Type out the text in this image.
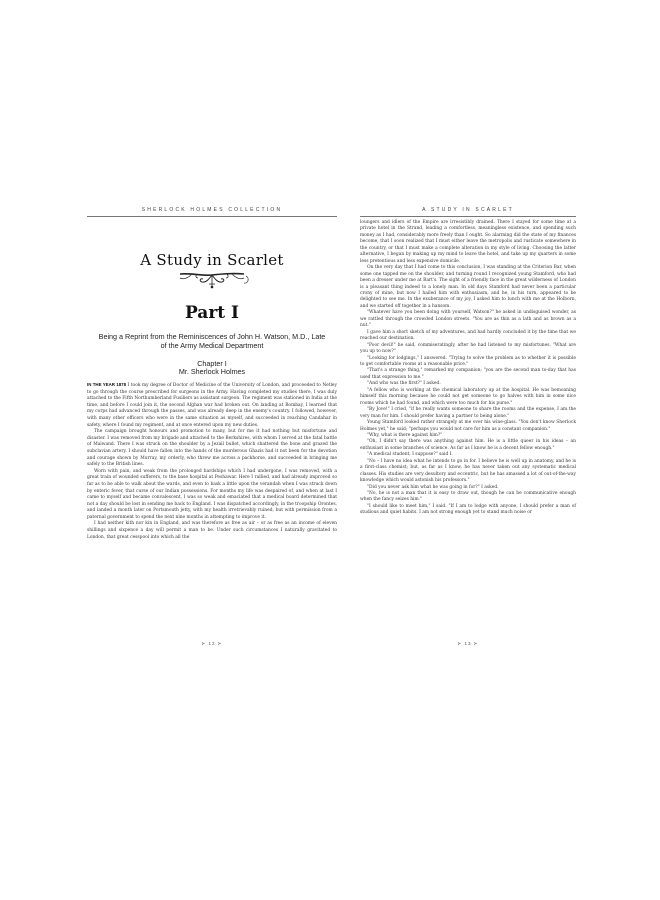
SHERLOCK HOLMES COLLECTION
A Study in Scarlet
Part I
Being a Reprint from the Reminiscences of John H. Watson, M.D., Late of the Army Medical Department
Chapter I
Mr. Sherlock Holmes

IN THE YEAR 1878 I took my degree of Doctor of Medicine of the University of London, and proceeded to Netley to go through the course prescribed for surgeons in the Army. Having completed my studies there, I was duly attached to the Fifth Northumberland Fusiliers as assistant surgeon. The regiment was stationed in India at the time, and before I could join it, the second Afghan war had broken out. On landing at Bombay, I learned that my corps had advanced through the passes, and was already deep in the enemy's country. I followed, however, with many other officers who were in the same situation as myself, and succeeded in reaching Candahar in safety, where I found my regiment, and at once entered upon my new duties.

The campaign brought honours and promotion to many, but for me it had nothing but misfortune and disaster. I was removed from my brigade and attached to the Berkshires, with whom I served at the fatal battle of Maiwand. There I was struck on the shoulder by a Jezail bullet, which shattered the bone and grazed the subclavian artery. I should have fallen into the hands of the murderous Ghazis had it not been for the devotion and courage shown by Murray, my orderly, who threw me across a packhorse, and succeeded in bringing me safely to the British lines.

Worn with pain, and weak from the prolonged hardships which I had undergone, I was removed, with a great train of wounded sufferers, to the base hospital at Peshawar. Here I rallied, and had already improved so far as to be able to walk about the wards, and even to bask a little upon the verandah when I was struck down by enteric fever, that curse of our Indian possessions. For months my life was despaired of, and when at last I came to myself and became convalescent, I was so weak and emaciated that a medical board determined that not a day should be lost in sending me back to England. I was dispatched accordingly, in the troopship Orontes, and landed a month later on Portsmouth jetty, with my health irretrievably ruined, but with permission from a paternal government to spend the next nine months in attempting to improve it.

I had neither kith nor kin in England, and was therefore as free as air – or as free as an income of eleven shillings and sixpence a day will permit a man to be. Under such circumstances I naturally gravitated to London, that great cesspool into which all the

⊱ 12 ⊱
A STUDY IN SCARLET

loungers and idlers of the Empire are irresistibly drained. There I stayed for some time at a private hotel in the Strand, leading a comfortless, meaningless existence, and spending such money as I had, considerably more freely than I ought. So alarming did the state of my finances become, that I soon realized that I must either leave the metropolis and rusticate somewhere in the country, or that I must make a complete alteration in my style of living. Choosing the latter alternative, I began by making up my mind to leave the hotel, and take up my quarters in some less pretentious and less expensive domicile.

On the very day that I had come to this conclusion, I was standing at the Criterion Bar, when some one tapped me on the shoulder, and turning round I recognized young Stamford, who had been a dresser under me at Bart's. The sight of a friendly face in the great wilderness of London is a pleasant thing indeed to a lonely man. In old days Stamford had never been a particular crony of mine, but now I hailed him with enthusiasm, and he, in his turn, appeared to be delighted to see me. In the exuberance of my joy, I asked him to lunch with me at the Holborn, and we started off together in a hansom.

"Whatever have you been doing with yourself, Watson?" he asked in undisguised wonder, as we rattled through the crowded London streets. "You are as thin as a lath and as brown as a nut."

I gave him a short sketch of my adventures, and had hardly concluded it by the time that we reached our destination.

"Poor devil!" he said, commiseratingly, after he had listened to my misfortunes. "What are you up to now?"

"Looking for lodgings," I answered. "Trying to solve the problem as to whether it is possible to get comfortable rooms at a reasonable price."

"That's a strange thing," remarked my companion; "you are the second man to-day that has used that expression to me."

"And who was the first?" I asked.

"A fellow who is working at the chemical laboratory up at the hospital. He was bemoaning himself this morning because he could not get someone to go halves with him in some nice rooms which he had found, and which were too much for his purse."

"By Jove!" I cried, "if he really wants someone to share the rooms and the expense, I am the very man for him. I should prefer having a partner to being alone."

Young Stamford looked rather strangely at me over his wine-glass. "You don't know Sherlock Holmes yet," he said; "perhaps you would not care for him as a constant companion."

"Why, what is there against him?"

"Oh, I didn't say there was anything against him. He is a little queer in his ideas – an enthusiast in some branches of science. As far as I know he is a decent fellow enough."

"A medical student, I suppose?" said I.

"No – I have no idea what he intends to go in for. I believe he is well up in anatomy, and he is a first-class chemist; but, as far as I know, he has never taken out any systematic medical classes. His studies are very desultory and eccentric, but he has amassed a lot of out-of-the-way knowledge which would astonish his professors."

"Did you never ask him what he was going in for?" I asked.

"No, he is not a man that it is easy to draw out, though he can be communicative enough when the fancy seizes him."

"I should like to meet him," I said. "If I am to lodge with anyone, I should prefer a man of studious and quiet habits. I am not strong enough yet to stand much noise or

⊱ 13 ⊱
